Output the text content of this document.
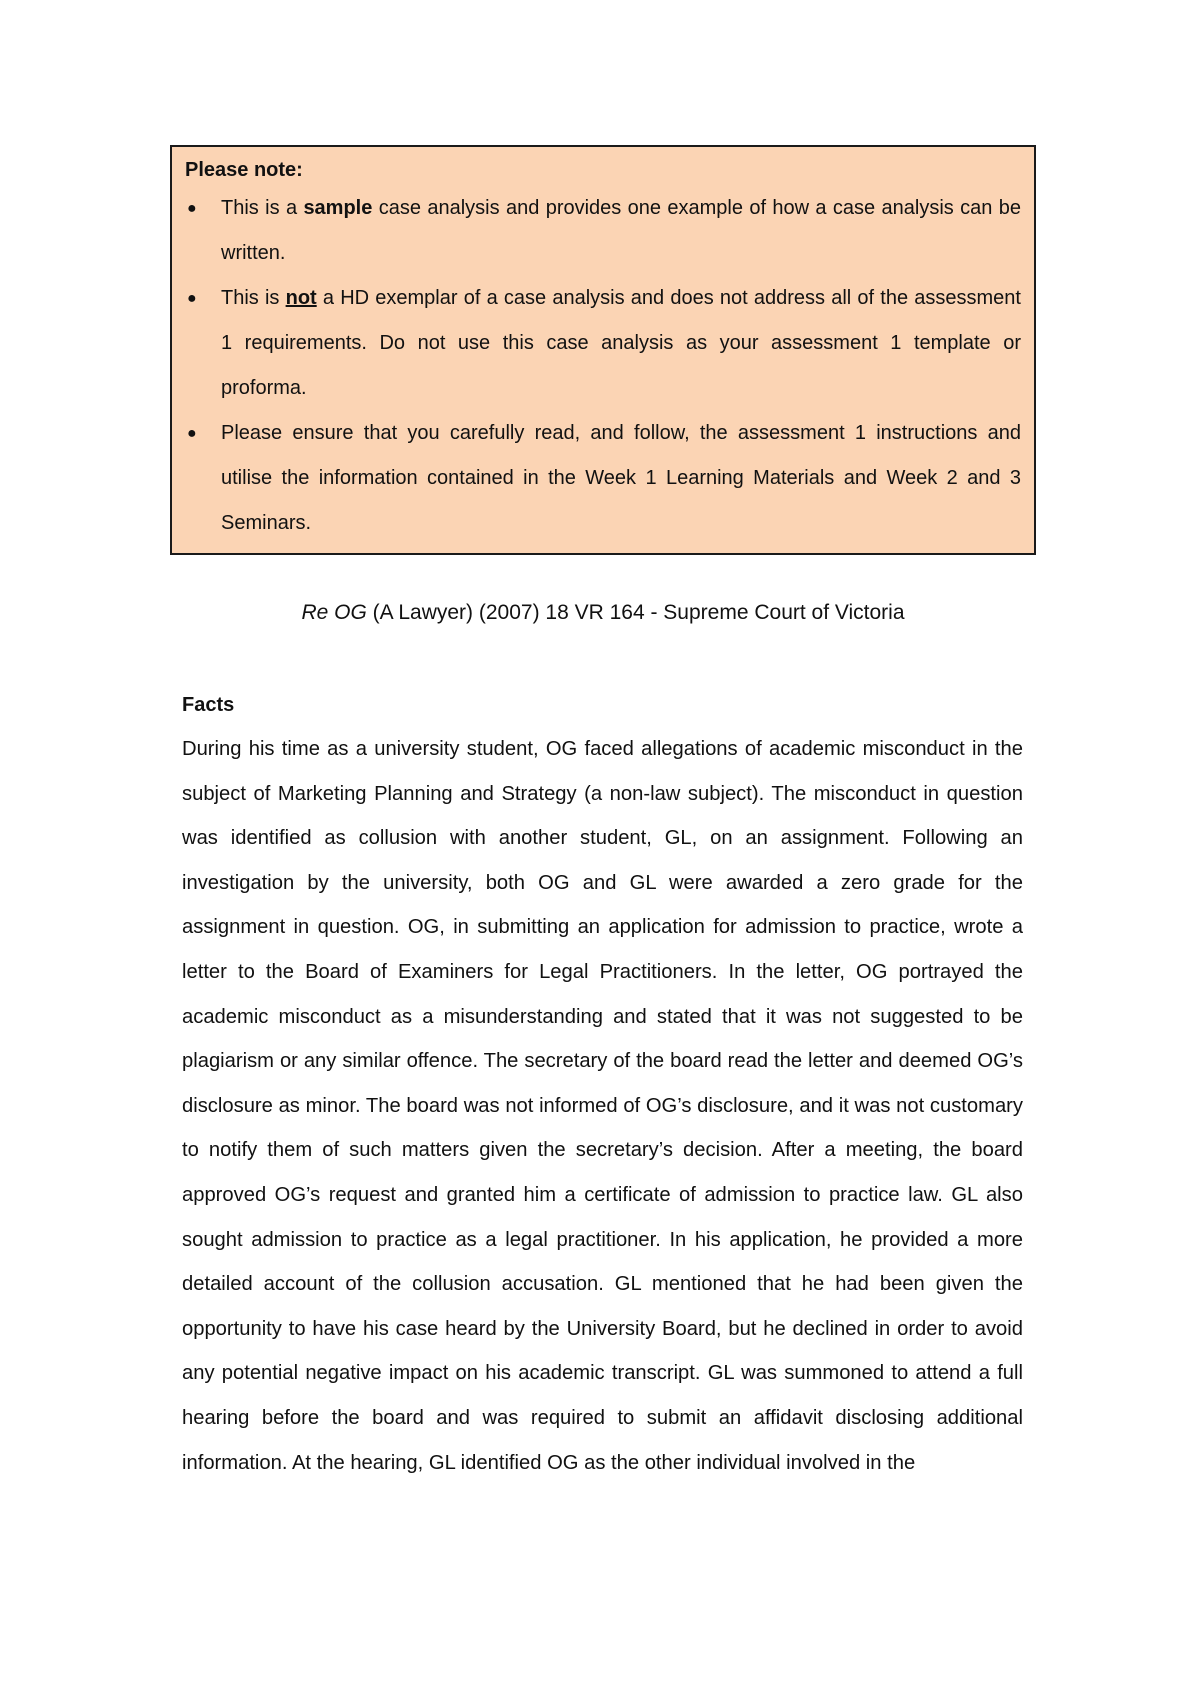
Please note:
● This is a sample case analysis and provides one example of how a case analysis can be written.
● This is not a HD exemplar of a case analysis and does not address all of the assessment 1 requirements. Do not use this case analysis as your assessment 1 template or proforma.
● Please ensure that you carefully read, and follow, the assessment 1 instructions and utilise the information contained in the Week 1 Learning Materials and Week 2 and 3 Seminars.
Re OG (A Lawyer) (2007) 18 VR 164 - Supreme Court of Victoria
Facts

During his time as a university student, OG faced allegations of academic misconduct in the subject of Marketing Planning and Strategy (a non-law subject). The misconduct in question was identified as collusion with another student, GL, on an assignment. Following an investigation by the university, both OG and GL were awarded a zero grade for the assignment in question. OG, in submitting an application for admission to practice, wrote a letter to the Board of Examiners for Legal Practitioners. In the letter, OG portrayed the academic misconduct as a misunderstanding and stated that it was not suggested to be plagiarism or any similar offence. The secretary of the board read the letter and deemed OG’s disclosure as minor. The board was not informed of OG’s disclosure, and it was not customary to notify them of such matters given the secretary’s decision. After a meeting, the board approved OG’s request and granted him a certificate of admission to practice law. GL also sought admission to practice as a legal practitioner. In his application, he provided a more detailed account of the collusion accusation. GL mentioned that he had been given the opportunity to have his case heard by the University Board, but he declined in order to avoid any potential negative impact on his academic transcript. GL was summoned to attend a full hearing before the board and was required to submit an affidavit disclosing additional information. At the hearing, GL identified OG as the other individual involved in the
